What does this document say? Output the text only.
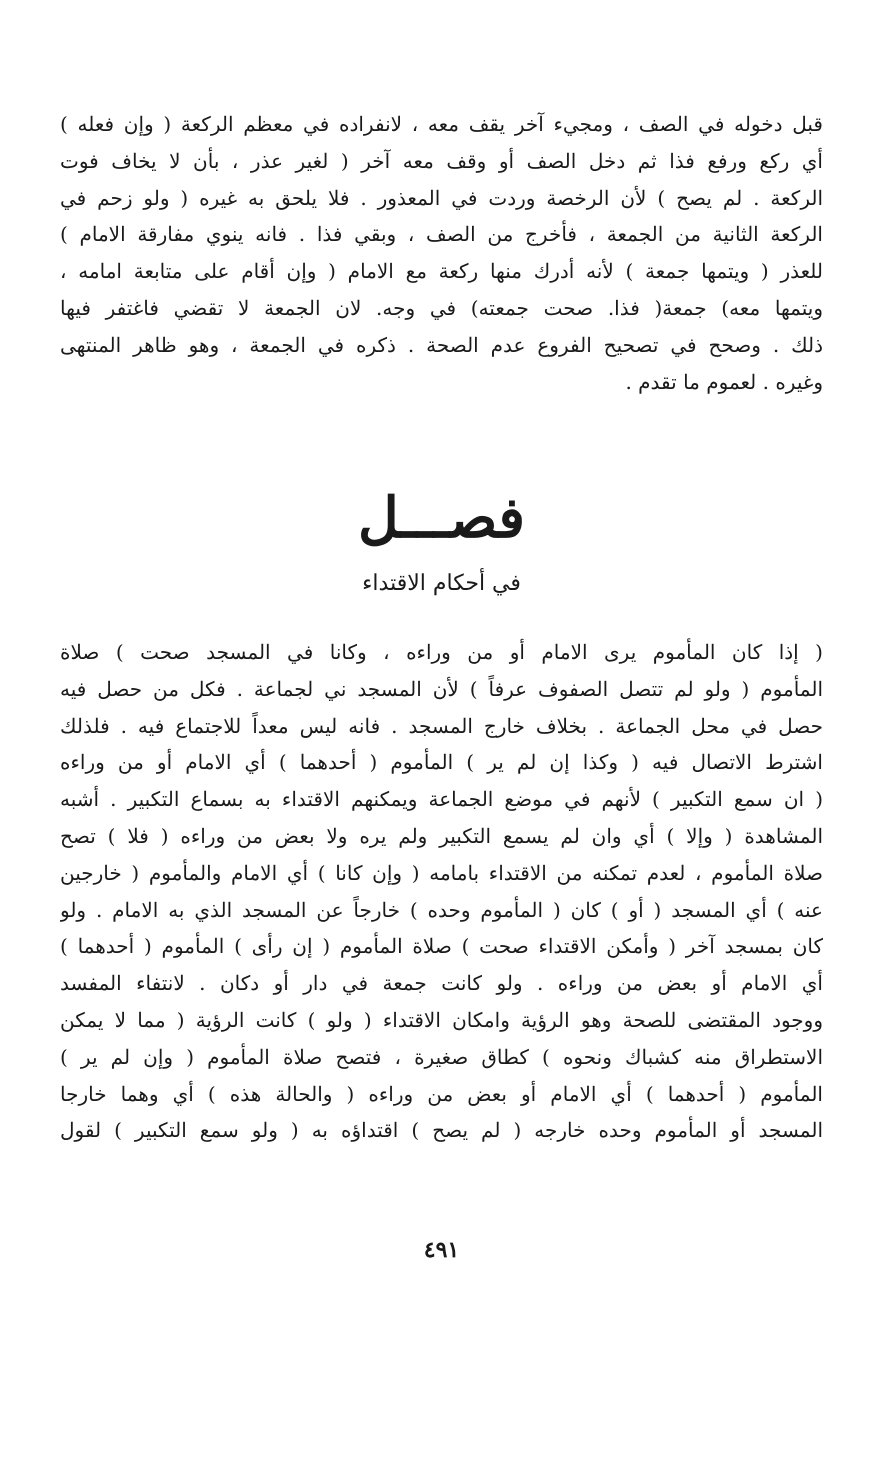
قبل دخوله في الصف ، ومجيء آخر يقف معه ، لانفراده في معظم الركعة ( وإن فعله )
أي ركع ورفع فذا ثم دخل الصف أو وقف معه آخر ( لغير عذر ، بأن لا يخاف فوت
الركعة . لم يصح ) لأن الرخصة وردت في المعذور . فلا يلحق به غيره ( ولو زحم في
الركعة الثانية من الجمعة ، فأخرج من الصف ، وبقي فذا . فانه ينوي مفارقة الامام )
للعذر ( ويتمها جمعة ) لأنه أدرك منها ركعة مع الامام ( وإن أقام على متابعة امامه ،
ويتمها معه) جمعة( فذا. صحت جمعته) في وجه. لان الجمعة لا تقضي فاغتفر فيها
ذلك . وصحح في تصحيح الفروع عدم الصحة . ذكره في الجمعة ، وهو ظاهر المنتهى
وغيره . لعموم ما تقدم .
فصـــل
في أحكام الاقتداء
( إذا كان المأموم يرى الامام أو من وراءه ، وكانا في المسجد صحت ) صلاة
المأموم ( ولو لم تتصل الصفوف عرفاً ) لأن المسجد ني لجماعة . فكل من حصل فيه
حصل في محل الجماعة . بخلاف خارج المسجد . فانه ليس معداً للاجتماع فيه . فلذلك
اشترط الاتصال فيه ( وكذا إن لم ير ) المأموم ( أحدهما ) أي الامام أو من وراءه
( ان سمع التكبير ) لأنهم في موضع الجماعة ويمكنهم الاقتداء به بسماع التكبير . أشبه
المشاهدة ( وإلا ) أي وان لم يسمع التكبير ولم يره ولا بعض من وراءه ( فلا ) تصح
صلاة المأموم ، لعدم تمكنه من الاقتداء بامامه ( وإن كانا ) أي الامام والمأموم ( خارجين
عنه ) أي المسجد ( أو ) كان ( المأموم وحده ) خارجاً عن المسجد الذي به الامام . ولو
كان بمسجد آخر ( وأمكن الاقتداء صحت ) صلاة المأموم ( إن رأى ) المأموم ( أحدهما )
أي الامام أو بعض من وراءه . ولو كانت جمعة في دار أو دكان . لانتفاء المفسد
ووجود المقتضى للصحة وهو الرؤية وامكان الاقتداء ( ولو ) كانت الرؤية ( مما لا يمكن
الاستطراق منه كشباك ونحوه ) كطاق صغيرة ، فتصح صلاة المأموم ( وإن لم ير )
المأموم ( أحدهما ) أي الامام أو بعض من وراءه ( والحالة هذه ) أي وهما خارجا
المسجد أو المأموم وحده خارجه ( لم يصح ) اقتداؤه به ( ولو سمع التكبير ) لقول
٤٩١
